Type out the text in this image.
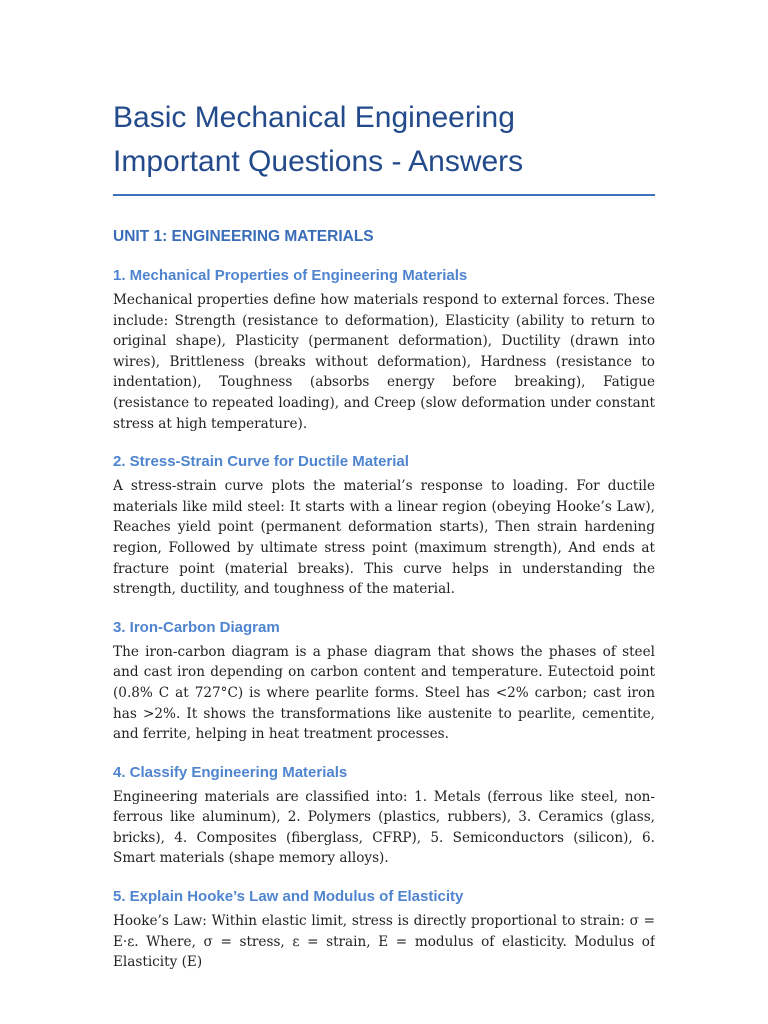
Basic Mechanical Engineering
Important Questions - Answers
UNIT 1: ENGINEERING MATERIALS
1. Mechanical Properties of Engineering Materials

Mechanical properties define how materials respond to external forces. These include: Strength (resistance to deformation), Elasticity (ability to return to original shape), Plasticity (permanent deformation), Ductility (drawn into wires), Brittleness (breaks without deformation), Hardness (resistance to indentation), Toughness (absorbs energy before breaking), Fatigue (resistance to repeated loading), and Creep (slow deformation under constant stress at high temperature).

2. Stress-Strain Curve for Ductile Material

A stress-strain curve plots the material’s response to loading. For ductile materials like mild steel: It starts with a linear region (obeying Hooke’s Law), Reaches yield point (permanent deformation starts), Then strain hardening region, Followed by ultimate stress point (maximum strength), And ends at fracture point (material breaks). This curve helps in understanding the strength, ductility, and toughness of the material.

3. Iron-Carbon Diagram

The iron-carbon diagram is a phase diagram that shows the phases of steel and cast iron depending on carbon content and temperature. Eutectoid point (0.8% C at 727°C) is where pearlite forms. Steel has <2% carbon; cast iron has >2%. It shows the transformations like austenite to pearlite, cementite, and ferrite, helping in heat treatment processes.

4. Classify Engineering Materials

Engineering materials are classified into: 1. Metals (ferrous like steel, non-ferrous like aluminum), 2. Polymers (plastics, rubbers), 3. Ceramics (glass, bricks), 4. Composites (fiberglass, CFRP), 5. Semiconductors (silicon), 6. Smart materials (shape memory alloys).

5. Explain Hooke’s Law and Modulus of Elasticity

Hooke’s Law: Within elastic limit, stress is directly proportional to strain: σ = E·ε. Where, σ = stress, ε = strain, E = modulus of elasticity. Modulus of Elasticity (E)
